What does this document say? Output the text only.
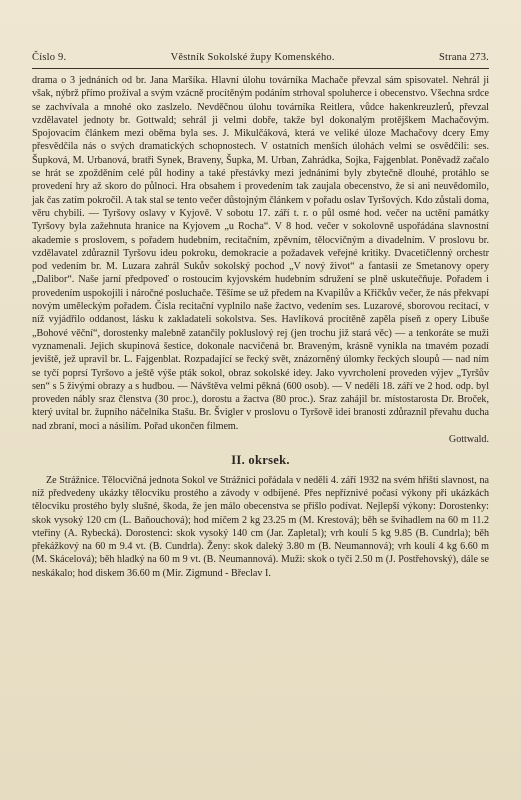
Číslo 9.	Věstník Sokolské župy Komenského.	Strana 273.

drama o 3 jednáních od br. Jana Maršíka. Hlavní úlohu továrníka Machače převzal sám spisovatel. Nehrál ji však, nýbrž přímo prožíval a svým vzácně procítěným podáním strhoval spoluherce i obecenstvo. Všechna srdce se zachvívala a mnohé oko zaslzelo. Nevděčnou úlohu továrníka Reitlera, vůdce hakenkreuzlerů, převzal vzdělavatel jednoty br. Gottwald; sehrál ji velmi dobře, takže byl dokonalým protějškem Machačovým. Spojovacím článkem mezi oběma byla ses. J. Mikulčáková, která ve veliké úloze Machačovy dcery Emy přesvědčila nás o svých dramatických schopnostech. V ostatních menších úlohách velmi se osvědčili: ses. Šupková, M. Urbanová, bratři Synek, Braveny, Šupka, M. Urban, Zahrádka, Sojka, Fajgenblat. Poněvadž začalo se hrát se zpožděním celé půl hodiny a také přestávky mezi jednáními byly zbytečně dlouhé, protáhlo se provedení hry až skoro do půlnoci. Hra obsahem i provedením tak zaujala obecenstvo, že si ani neuvědomilo, jak čas zatím pokročil. A tak stal se tento večer důstojným článkem v pořadu oslav Tyršových. Kdo zůstali doma, věru chybili. — Tyršovy oslavy v Kyjově. V sobotu 17. září t. r. o půl osmé hod. večer na uctění památky Tyršovy byla zažehnuta hranice na Kyjovem „u Rocha“. V 8 hod. večer v sokolovně uspořádána slavnostní akademie s proslovem, s pořadem hudebním, recitačním, zpěvním, tělocvičným a divadelním. V proslovu br. vzdělavatel zdůraznil Tyršovu ideu pokroku, demokracie a požadavek veřejné kritiky. Dvacetičlenný orchestr pod vedením br. M. Luzara zahrál Sukův sokolský pochod „V nový život“ a fantasii ze Smetanovy opery „Dalibor“. Naše jarní předpoveď o rostoucím kyjovském hudebním sdružení se plně uskutečňuje. Pořadem i provedením uspokojili i náročné posluchače. Těšíme se už předem na Kvapilův a Křičkův večer, že nás překvapí novým uměleckým pořadem. Čísla recitační vyplnilo naše žactvo, vedením ses. Luzarové, sborovou recitací, v níž vyjádřilo oddanost, lásku k zakladateli sokolstva. Ses. Havlíková procítěně zapěla píseň z opery Libuše „Bohové věční“, dorostenky malebně zatančily pokluslový rej (jen trochu již stará věc) — a tenkoráte se muži vyznamenali. Jejich skupinová šestice, dokonale nacvičená br. Braveným, krásně vynikla na tmavém pozadí jeviště, jež upravil br. L. Fajgenblat. Rozpadající se řecký svět, znázorněný úlomky řeckých sloupů — nad ním se tyčí poprsí Tyršovo a ještě výše pták sokol, obraz sokolské idey. Jako vyvrcholení proveden výjev „Tyršův sen“ s 5 živými obrazy a s hudbou. — Návštěva velmi pěkná (600 osob). — V neděli 18. září ve 2 hod. odp. byl proveden nábly sraz členstva (30 proc.), dorostu a žactva (80 proc.). Sraz zahájil br. místostarosta Dr. Broček, který uvítal br. župního náčelníka Stašu. Br. Švigler v proslovu o Tyršově idei branosti zdůraznil převahu ducha nad zbraní, moci a násilím. Pořad ukončen filmem.

Gottwald.
II. okrsek.

Ze Strážnice. Tělocvičná jednota Sokol ve Strážnici pořádala v neděli 4. září 1932 na svém hřišti slavnost, na níž předvedeny ukázky tělocviku prostého a závody v odbíjené. Přes nepříznivé počasí výkony při ukázkách tělocviku prostého byly slušné, škoda, že jen málo obecenstva se přišlo podívat. Nejlepší výkony: Dorostenky: skok vysoký 120 cm (L. Baňouchová); hod míčem 2 kg 23.25 m (M. Krestová); běh se švihadlem na 60 m 11.2 vteřiny (A. Rybecká). Dorostenci: skok vysoký 140 cm (Jar. Zapletal); vrh koulí 5 kg 9.85 (B. Cundrla); běh překážkový na 60 m 9.4 vt. (B. Cundrla). Ženy: skok daleký 3.80 m (B. Neumannová); vrh koulí 4 kg 6.60 m (M. Skácelová); běh hladký na 60 m 9 vt. (B. Neumannová). Muži: skok o tyči 2.50 m (J. Postřehovský), dále se neskákalo; hod diskem 36.60 m (Mir. Zigmund - Břeclav I.
